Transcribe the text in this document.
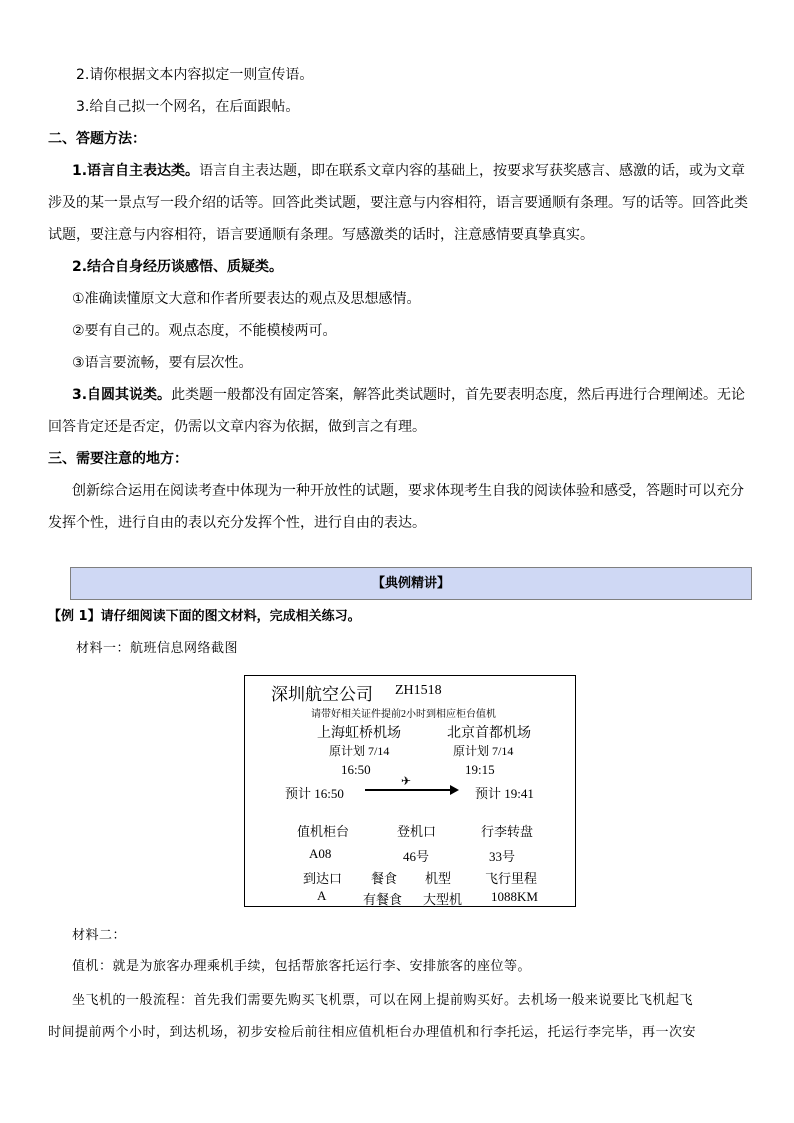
2.请你根据文本内容拟定一则宣传语。
3.给自己拟一个网名，在后面跟帖。
二、答题方法：
1.语言自主表达类。语言自主表达题，即在联系文章内容的基础上，按要求写获奖感言、感激的话，或为文章
涉及的某一景点写一段介绍的话等。回答此类试题，要注意与内容相符，语言要通顺有条理。写的话等。回答此类
试题，要注意与内容相符，语言要通顺有条理。写感激类的话时，注意感情要真挚真实。
2.结合自身经历谈感悟、质疑类。
①准确读懂原文大意和作者所要表达的观点及思想感情。
②要有自己的。观点态度，不能模棱两可。
③语言要流畅，要有层次性。
3.自圆其说类。此类题一般都没有固定答案，解答此类试题时，首先要表明态度，然后再进行合理阐述。无论
回答肯定还是否定，仍需以文章内容为依据，做到言之有理。
三、需要注意的地方：
创新综合运用在阅读考查中体现为一种开放性的试题，要求体现考生自我的阅读体验和感受，答题时可以充分
发挥个性，进行自由的表以充分发挥个性，进行自由的表达。
【典例精讲】
【例 1】请仔细阅读下面的图文材料，完成相关练习。
材料一：航班信息网络截图
深圳航空公司 ZH1518
请带好相关证件提前2小时到相应柜台值机
上海虹桥机场	北京首都机场
原计划 7/14	原计划 7/14
16:50	19:15
预计 16:50
✈
预计 19:41
值机柜台	登机口	行李转盘
A08	46号	33号
到达口 餐食 机型	飞行里程
A	有餐食 大型机 1088KM
材料二：
值机：就是为旅客办理乘机手续，包括帮旅客托运行李、安排旅客的座位等。
坐飞机的一般流程：首先我们需要先购买飞机票，可以在网上提前购买好。去机场一般来说要比飞机起飞
时间提前两个小时，到达机场，初步安检后前往相应值机柜台办理值机和行李托运，托运行李完毕，再一次安
